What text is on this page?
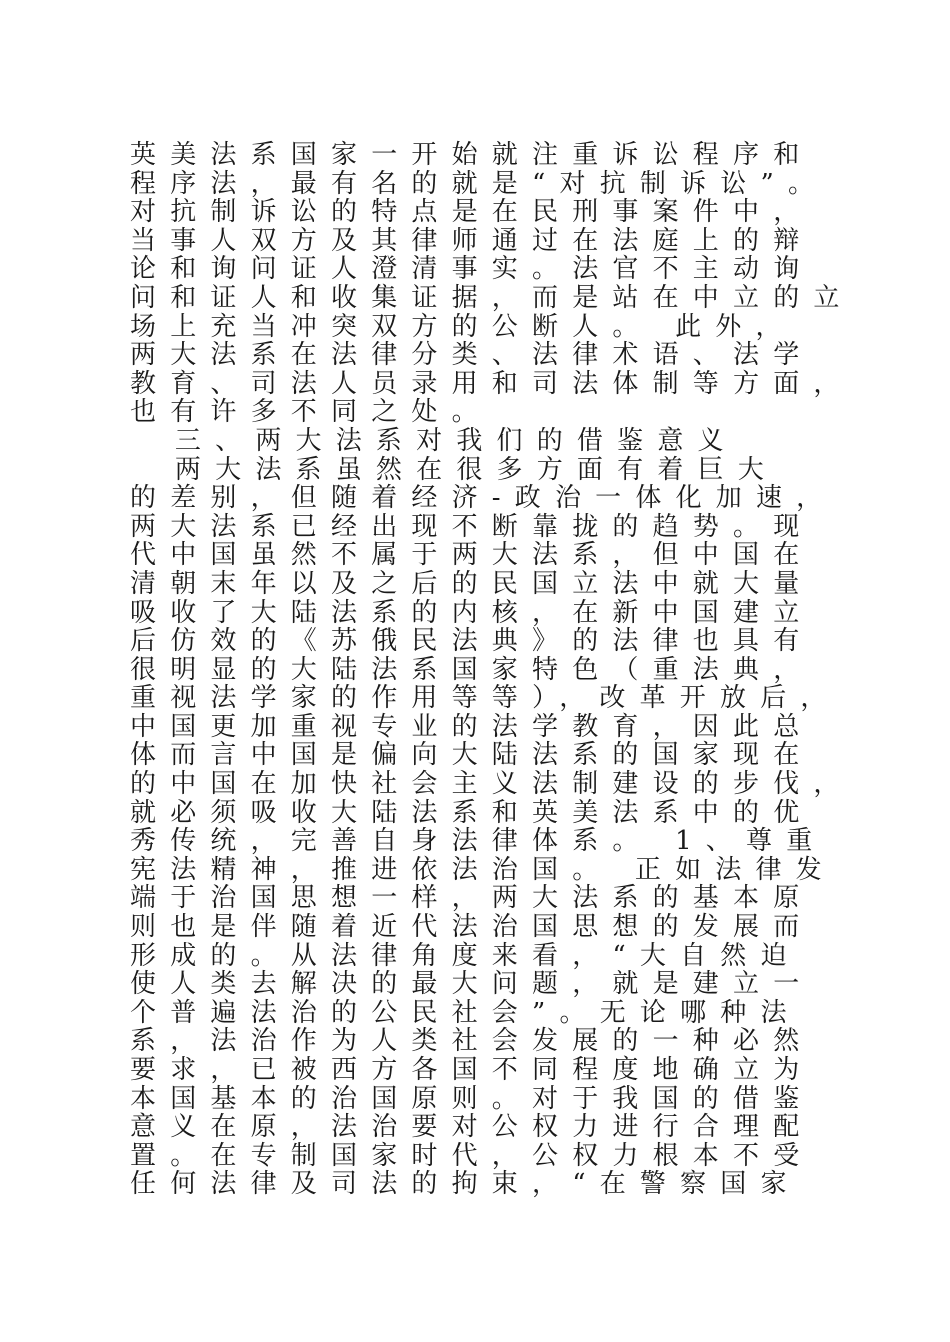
英美法系国家一开始就注重诉讼程序和
程序法，最有名的就是“对抗制诉讼”。
对抗制诉讼的特点是在民刑事案件中，
当事人双方及其律师通过在法庭上的辩
论和询问证人澄清事实。法官不主动询
问和证人和收集证据，而是站在中立的立
场上充当冲突双方的公断人。 此外，
两大法系在法律分类、法律术语、法学
教育、司法人员录用和司法体制等方面，
也有许多不同之处。
三、两大法系对我们的借鉴意义
两大法系虽然在很多方面有着巨大
的差别，但随着经济-政治一体化加速，
两大法系已经出现不断靠拢的趋势。现
代中国虽然不属于两大法系，但中国在
清朝末年以及之后的民国立法中就大量
吸收了大陆法系的内核，在新中国建立
后仿效的《苏俄民法典》的法律也具有
很明显的大陆法系国家特色（重法典，
重视法学家的作用等等），改革开放后，
中国更加重视专业的法学教育，因此总
体而言中国是偏向大陆法系的国家现在
的中国在加快社会主义法制建设的步伐，
就必须吸收大陆法系和英美法系中的优
秀传统，完善自身法律体系。 1、尊重
宪法精神，推进依法治国。 正如法律发
端于治国思想一样，两大法系的基本原
则也是伴随着近代法治国思想的发展而
形成的。从法律角度来看，“大自然迫
使人类去解决的最大问题，就是建立一
个普遍法治的公民社会”。无论哪种法
系，法治作为人类社会发展的一种必然
要求，已被西方各国不同程度地确立为
本国基本的治国原则。对于我国的借鉴
意义在原，法治要对公权力进行合理配
置。在专制国家时代，公权力根本不受
任何法律及司法的拘束，“在警察国家
